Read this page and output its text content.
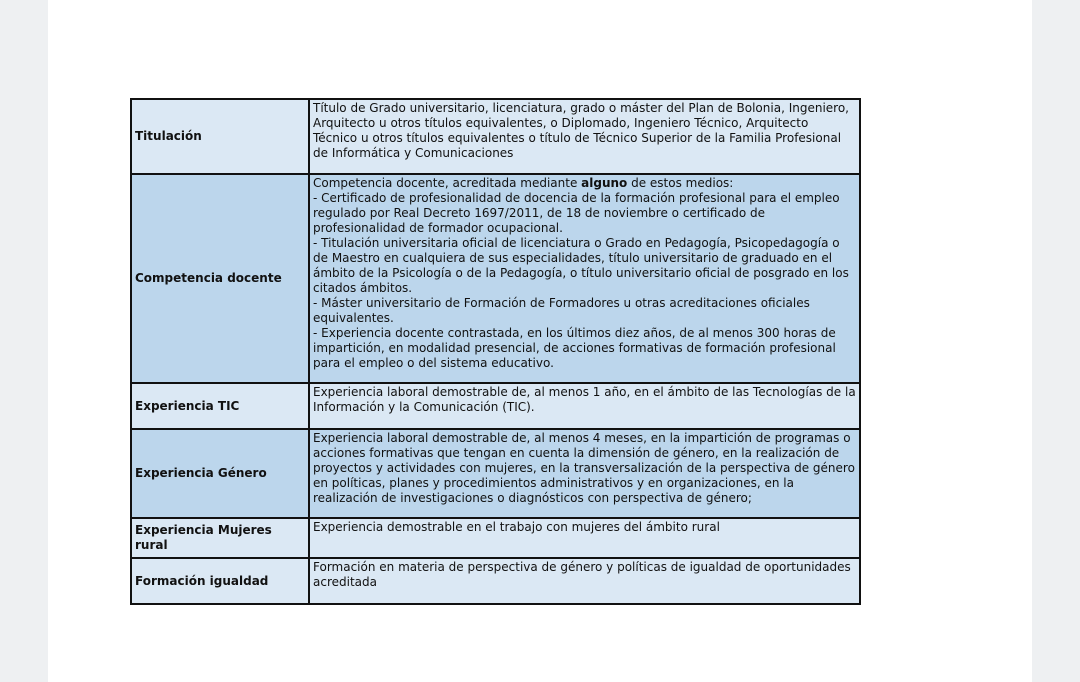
Titulación	Título de Grado universitario, licenciatura, grado o máster del Plan de Bolonia, Ingeniero, Arquitecto u otros títulos equivalentes, o Diplomado, Ingeniero Técnico, Arquitecto Técnico u otros títulos equivalentes o título de Técnico Superior de la Familia Profesional de Informática y Comunicaciones
Competencia docente	Competencia docente, acreditada mediante alguno de estos medios:
- Certificado de profesionalidad de docencia de la formación profesional para el empleo regulado por Real Decreto 1697/2011, de 18 de noviembre o certificado de profesionalidad de formador ocupacional.
- Titulación universitaria oficial de licenciatura o Grado en Pedagogía, Psicopedagogía o de Maestro en cualquiera de sus especialidades, título universitario de graduado en el ámbito de la Psicología o de la Pedagogía, o título universitario oficial de posgrado en los citados ámbitos.
- Máster universitario de Formación de Formadores u otras acreditaciones oficiales equivalentes.
- Experiencia docente contrastada, en los últimos diez años, de al menos 300 horas de impartición, en modalidad presencial, de acciones formativas de formación profesional para el empleo o del sistema educativo.

Experiencia TIC	Experiencia laboral demostrable de, al menos 1 año, en el ámbito de las Tecnologías de la Información y la Comunicación (TIC).
Experiencia Género	Experiencia laboral demostrable de, al menos 4 meses, en la impartición de programas o acciones formativas que tengan en cuenta la dimensión de género, en la realización de proyectos y actividades con mujeres, en la transversalización de la perspectiva de género en políticas, planes y procedimientos administrativos y en organizaciones, en la realización de investigaciones o diagnósticos con perspectiva de género;
Experiencia Mujeres rural	Experiencia demostrable en el trabajo con mujeres del ámbito rural
Formación igualdad	Formación en materia de perspectiva de género y políticas de igualdad de oportunidades acreditada
